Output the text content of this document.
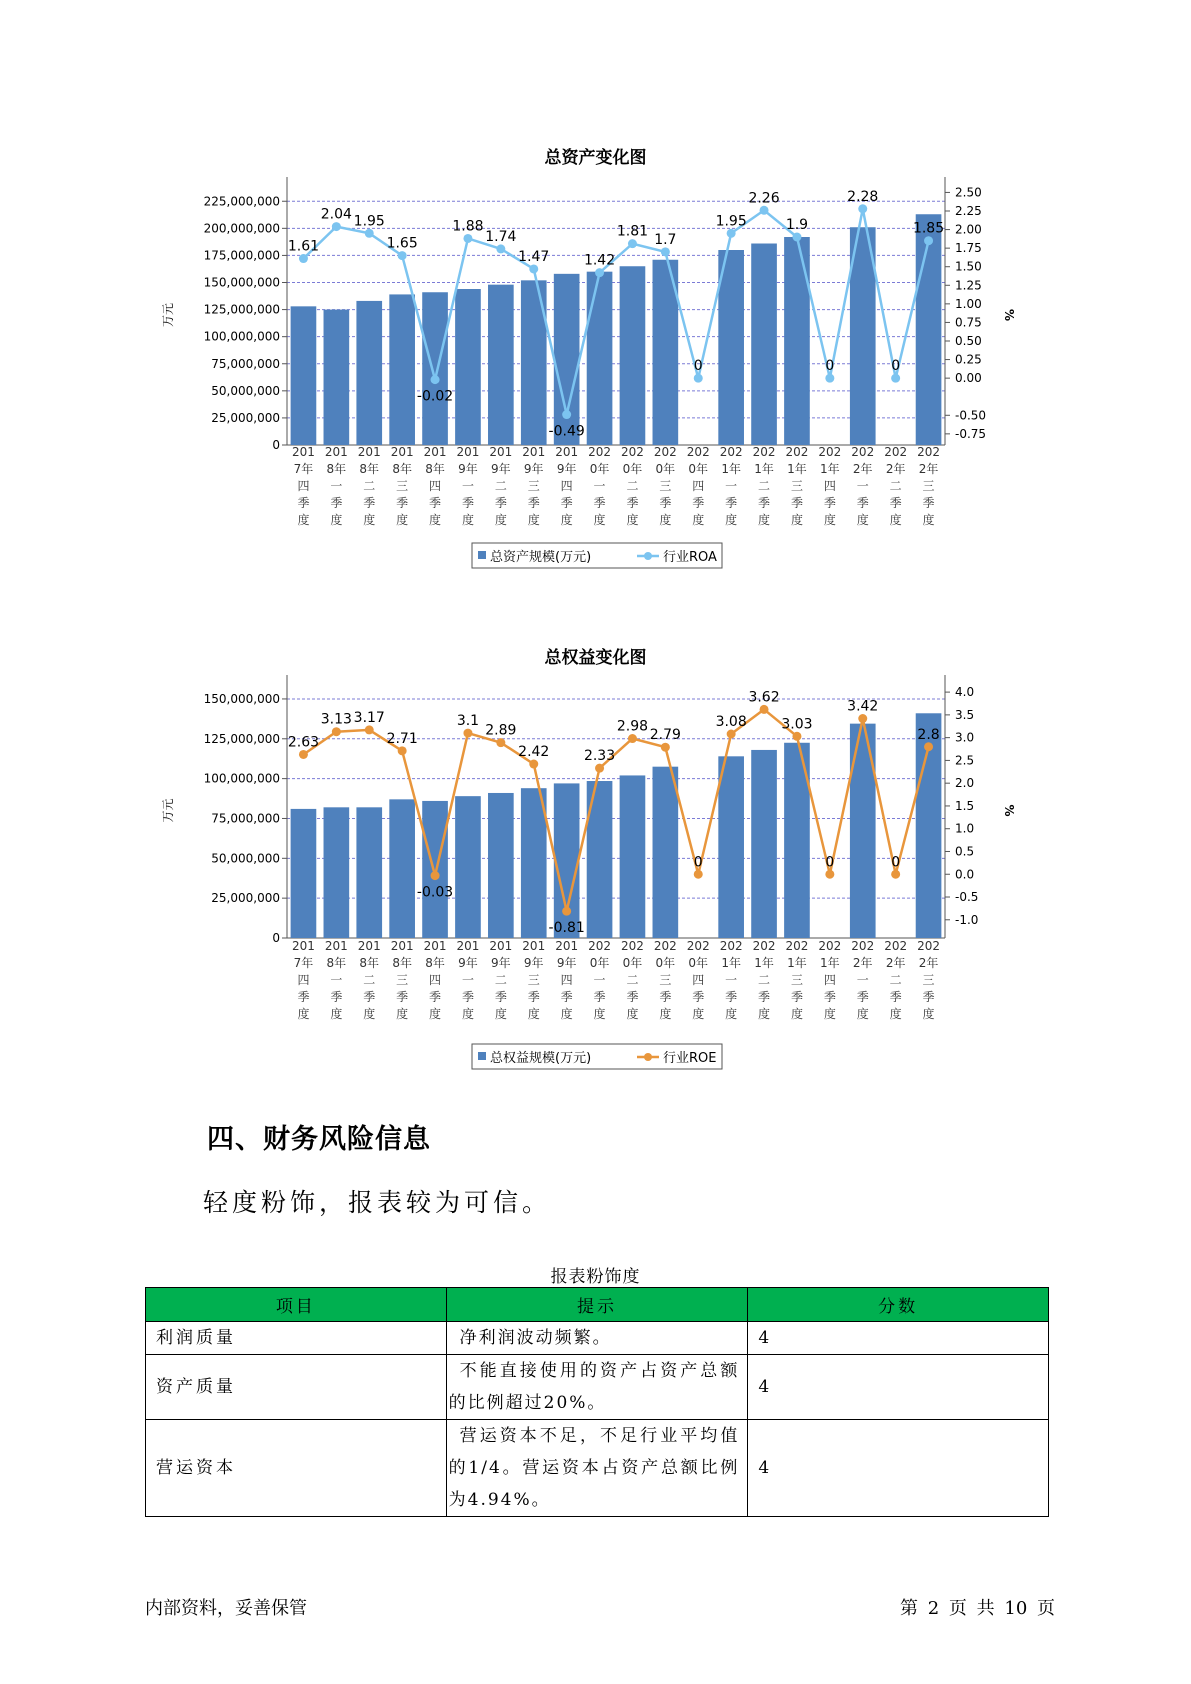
总资产变化图
0
25,000,000
50,000,000
75,000,000
100,000,000
125,000,000
150,000,000
175,000,000
200,000,000
225,000,000
-0.75
-0.50
0.00
0.25
0.50
0.75
1.00
1.25
1.50
1.75
2.00
2.25
2.50
万元	%
1.61
2.04 1.95
1.65
-0.02
1.88
1.74
1.47
-0.49
1.42
1.81
1.7
0
1.95
2.26
1.9
0
2.28
0
1.85
201
7年
四
季
度
201
8年
一
季
度
201
8年
二
季
度
201
8年
三
季
度
201
8年
四
季
度
201
9年
一
季
度
201
9年
二
季
度
201
9年
三
季
度
201
9年
四
季
度
202
0年
一
季
度
202
0年
二
季
度
202
0年
三
季
度
202
0年
四
季
度
202
1年
一
季
度
202
1年
二
季
度
202
1年
三
季
度
202
1年
四
季
度
202
2年
一
季
度
202
2年
二
季
度
202
2年
三
季
度
总资产规模(万元)	行业ROA
总权益变化图
0
25,000,000
50,000,000
75,000,000
100,000,000
125,000,000
150,000,000
-1.0
-0.5
0.0
0.5
1.0
1.5
2.0
2.5
3.0
3.5
4.0
万元	%
2.63
3.13 3.17
2.71
-0.03
3.1
2.89
2.42
-0.81
2.33
2.98
2.79
0
3.08
3.62
3.03
0
3.42
0
2.8
201
7年
四
季
度
201
8年
一
季
度
201
8年
二
季
度
201
8年
三
季
度
201
8年
四
季
度
201
9年
一
季
度
201
9年
二
季
度
201
9年
三
季
度
201
9年
四
季
度
202
0年
一
季
度
202
0年
二
季
度
202
0年
三
季
度
202
0年
四
季
度
202
1年
一
季
度
202
1年
二
季
度
202
1年
三
季
度
202
1年
四
季
度
202
2年
一
季
度
202
2年
二
季
度
202
2年
三
季
度
总权益规模(万元)	行业ROE
四、财务风险信息
轻度粉饰，报表较为可信。
报表粉饰度
项目	提示	分数
利润质量	净利润波动频繁。	4
资产质量	不能直接使用的资产占资产总额的比例超过20%。	4
营运资本	营运资本不足，不足行业平均值的1/4。营运资本占资产总额比例为4.94%。	4
内部资料，妥善保管	第 2 页 共 10 页
